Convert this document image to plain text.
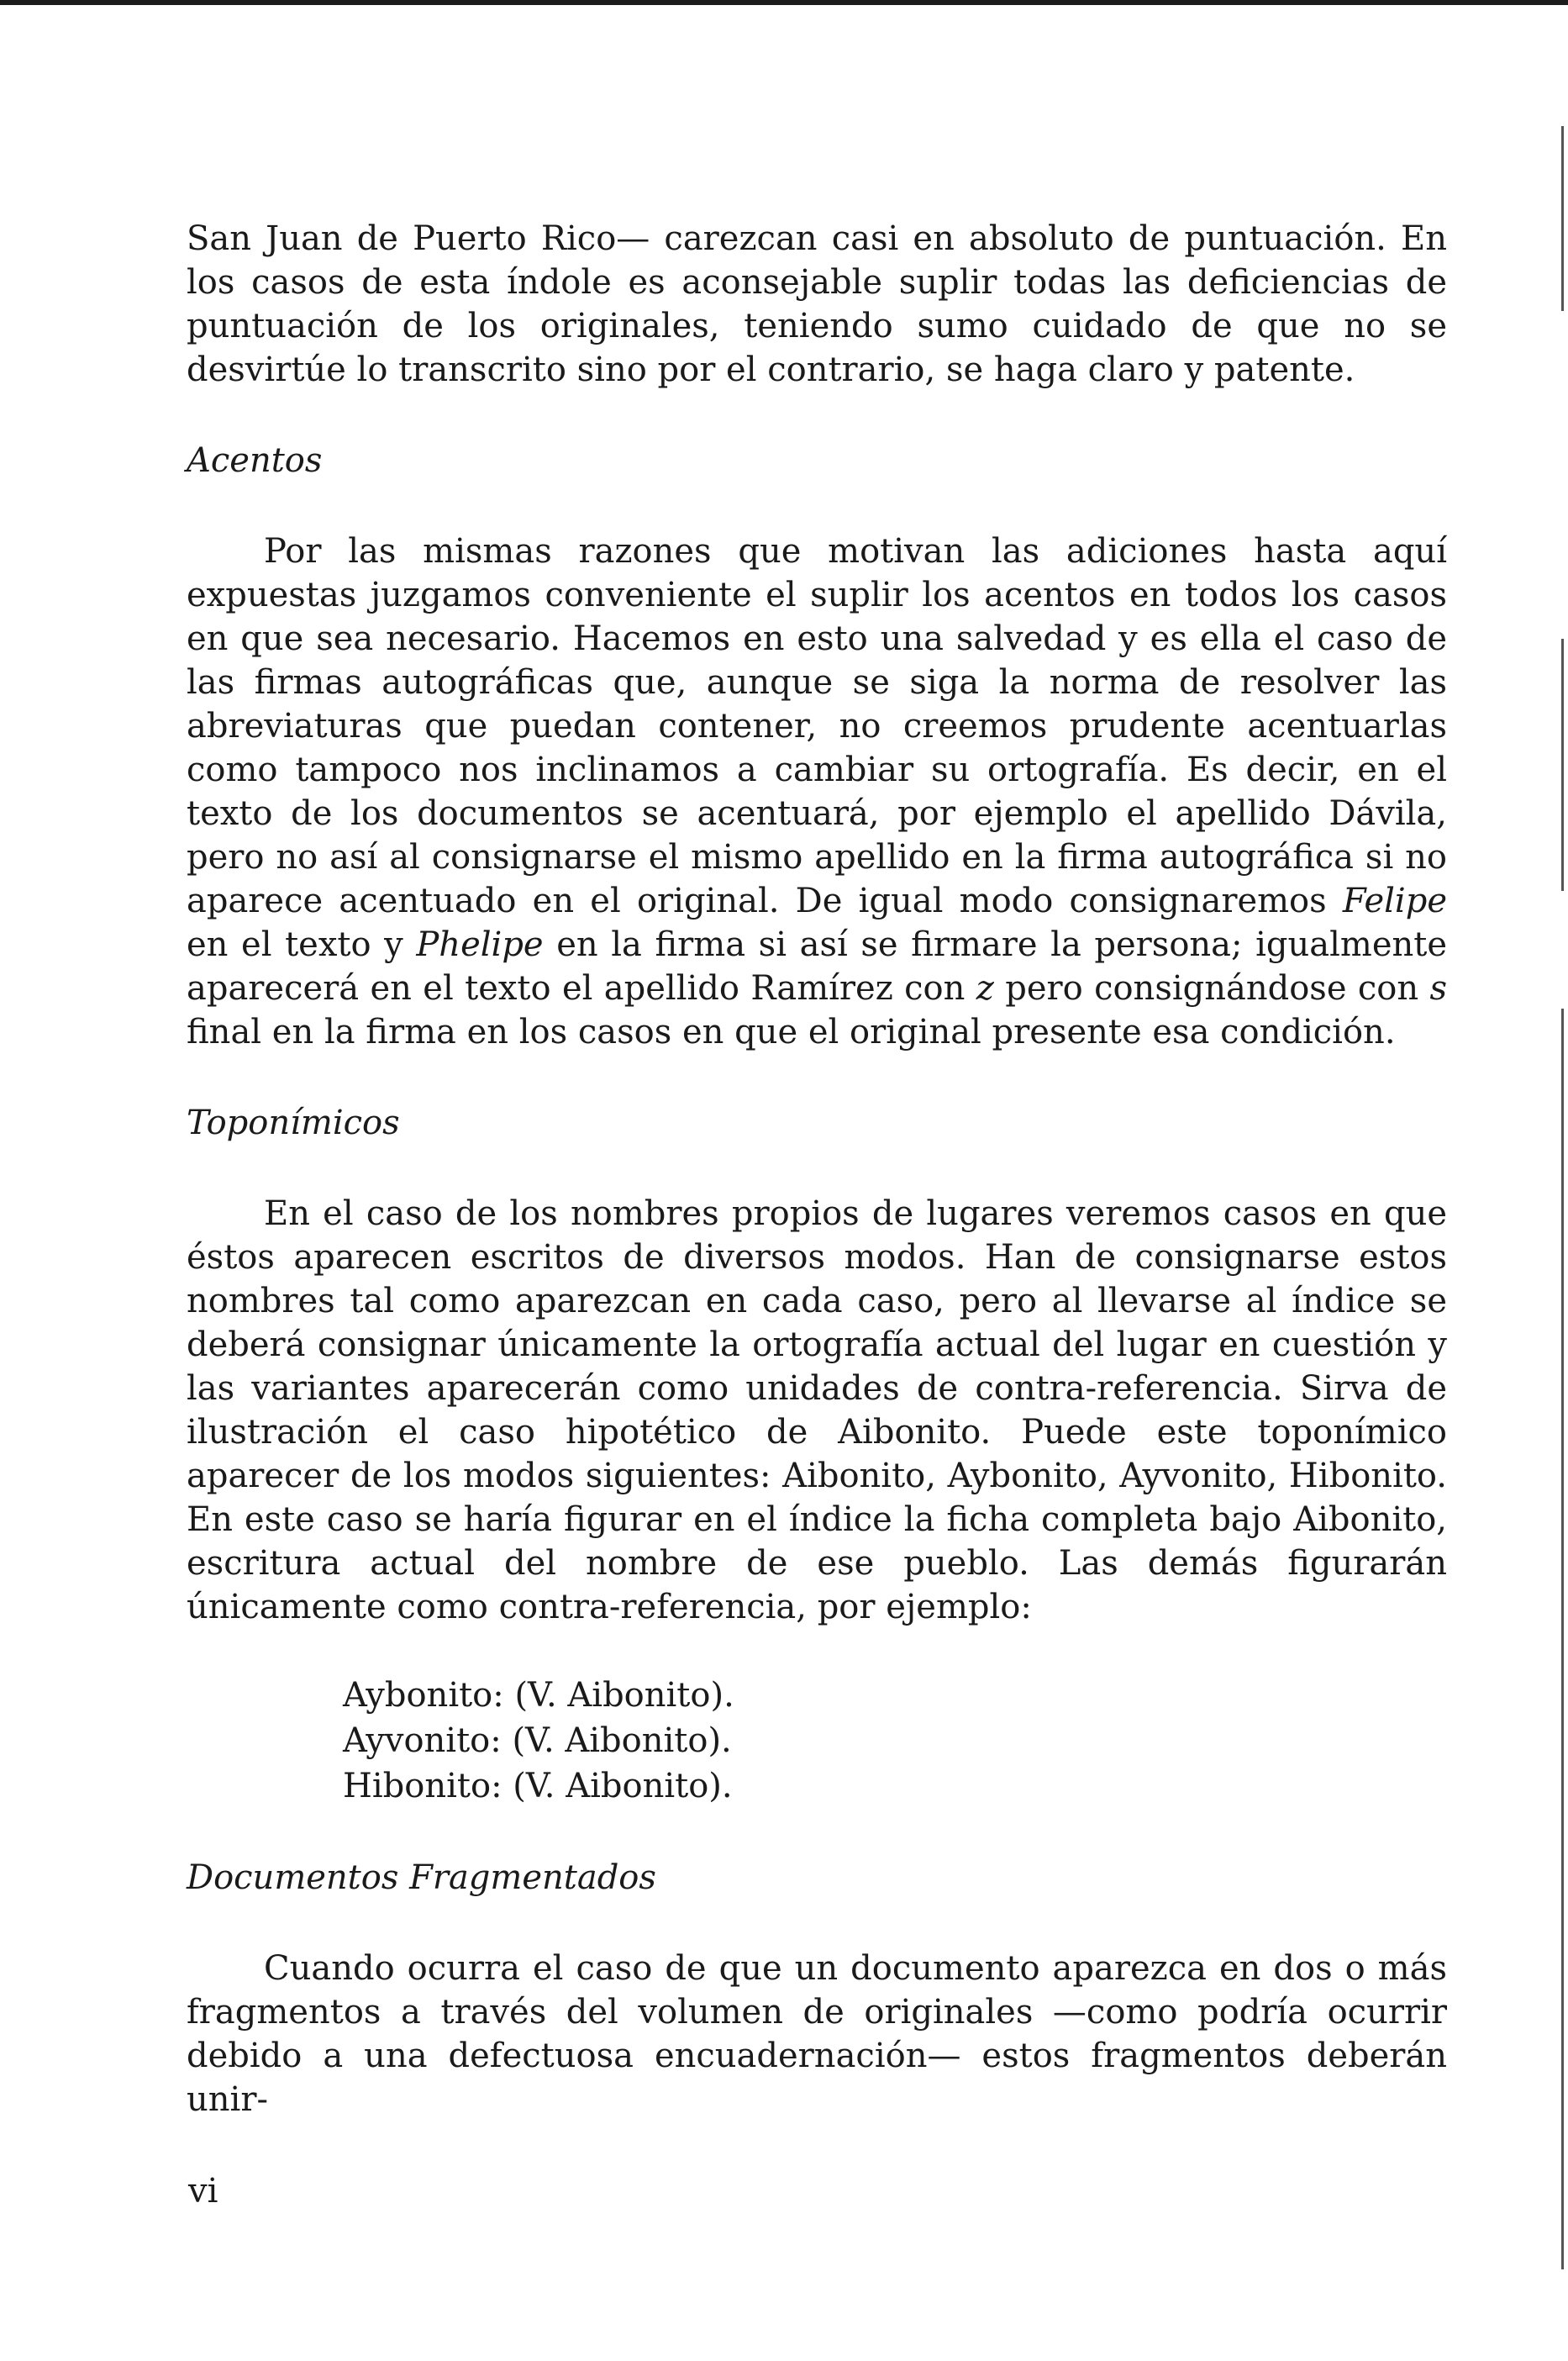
San Juan de Puerto Rico— carezcan casi en absoluto de puntuación. En los casos de esta índole es aconsejable suplir todas las deficiencias de puntuación de los originales, teniendo sumo cuidado de que no se desvirtúe lo transcrito sino por el contrario, se haga claro y patente.

Acentos

Por las mismas razones que motivan las adiciones hasta aquí expuestas juzgamos conveniente el suplir los acentos en todos los casos en que sea necesario. Hacemos en esto una salvedad y es ella el caso de las firmas autográficas que, aunque se siga la norma de resolver las abreviaturas que puedan contener, no creemos prudente acentuarlas como tampoco nos inclinamos a cambiar su ortografía. Es decir, en el texto de los documentos se acentuará, por ejemplo el apellido Dávila, pero no así al consignarse el mismo apellido en la firma autográfica si no aparece acentuado en el original. De igual modo consignaremos Felipe en el texto y Phelipe en la firma si así se firmare la persona; igualmente aparecerá en el texto el apellido Ramírez con z pero consignándose con s final en la firma en los casos en que el original presente esa condición.

Toponímicos

En el caso de los nombres propios de lugares veremos casos en que éstos aparecen escritos de diversos modos. Han de consignarse estos nombres tal como aparezcan en cada caso, pero al llevarse al índice se deberá consignar únicamente la ortografía actual del lugar en cuestión y las variantes aparecerán como unidades de contra-referencia. Sirva de ilustración el caso hipotético de Aibonito. Puede este toponímico aparecer de los modos siguientes: Aibonito, Aybonito, Ayvonito, Hibonito. En este caso se haría figurar en el índice la ficha completa bajo Aibonito, escritura actual del nombre de ese pueblo. Las demás figurarán únicamente como contra-referencia, por ejemplo:

Aybonito: (V. Aibonito).
Ayvonito: (V. Aibonito).
Hibonito: (V. Aibonito).
Documentos Fragmentados

Cuando ocurra el caso de que un documento aparezca en dos o más fragmentos a través del volumen de originales —como podría ocurrir debido a una defectuosa encuadernación— estos fragmentos deberán unir-

vi
